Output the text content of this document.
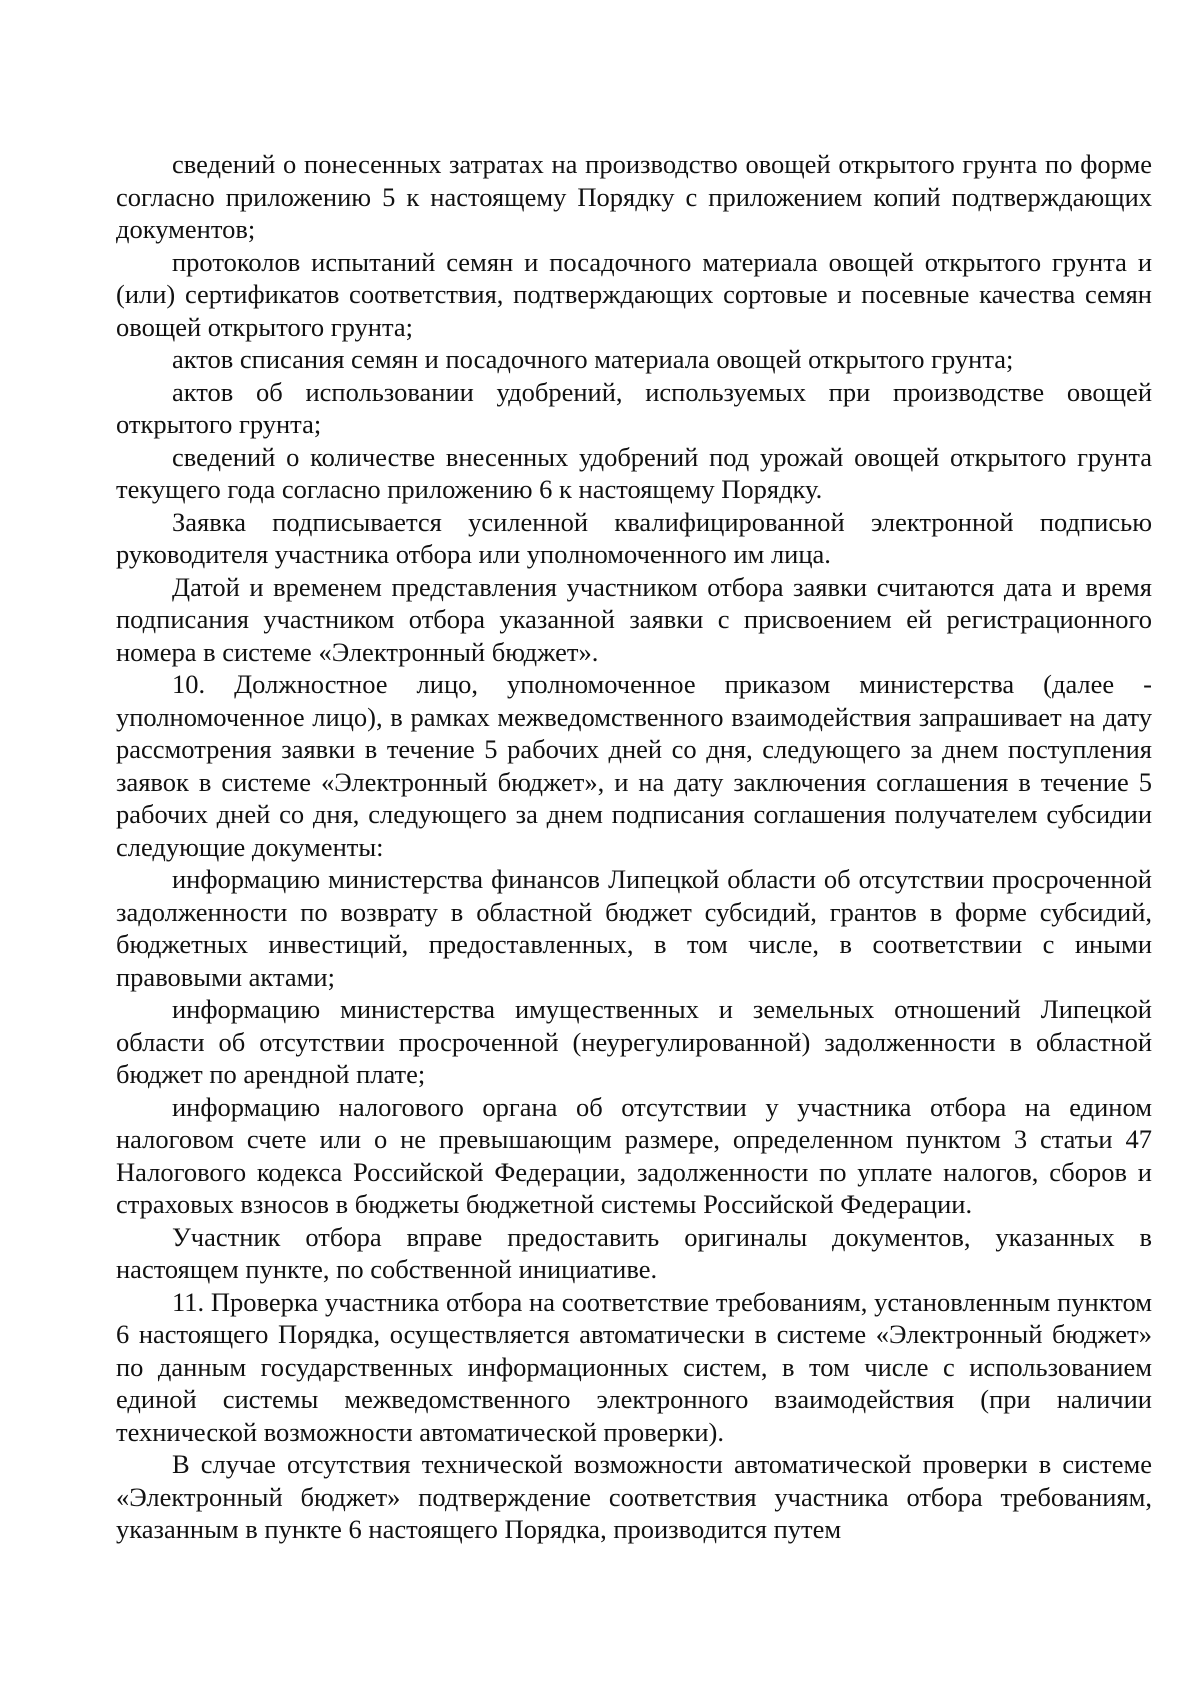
сведений о понесенных затратах на производство овощей открытого грунта по форме согласно приложению 5 к настоящему Порядку с приложением копий подтверждающих документов;

протоколов испытаний семян и посадочного материала овощей открытого грунта и (или) сертификатов соответствия, подтверждающих сортовые и посевные качества семян овощей открытого грунта;

актов списания семян и посадочного материала овощей открытого грунта;

актов об использовании удобрений, используемых при производстве овощей открытого грунта;

сведений о количестве внесенных удобрений под урожай овощей открытого грунта текущего года согласно приложению 6 к настоящему Порядку.

Заявка подписывается усиленной квалифицированной электронной подписью руководителя участника отбора или уполномоченного им лица.

Датой и временем представления участником отбора заявки считаются дата и время подписания участником отбора указанной заявки с присвоением ей регистрационного номера в системе «Электронный бюджет».

10. Должностное лицо, уполномоченное приказом министерства (далее - уполномоченное лицо), в рамках межведомственного взаимодействия запрашивает на дату рассмотрения заявки в течение 5 рабочих дней со дня, следующего за днем поступления заявок в системе «Электронный бюджет», и на дату заключения соглашения в течение 5 рабочих дней со дня, следующего за днем подписания соглашения получателем субсидии следующие документы:

информацию министерства финансов Липецкой области об отсутствии просроченной задолженности по возврату в областной бюджет субсидий, грантов в форме субсидий, бюджетных инвестиций, предоставленных, в том числе, в соответствии с иными правовыми актами;

информацию министерства имущественных и земельных отношений Липецкой области об отсутствии просроченной (неурегулированной) задолженности в областной бюджет по арендной плате;

информацию налогового органа об отсутствии у участника отбора на едином налоговом счете или о не превышающим размере, определенном пунктом 3 статьи 47 Налогового кодекса Российской Федерации, задолженности по уплате налогов, сборов и страховых взносов в бюджеты бюджетной системы Российской Федерации.

Участник отбора вправе предоставить оригиналы документов, указанных в настоящем пункте, по собственной инициативе.

11. Проверка участника отбора на соответствие требованиям, установленным пунктом 6 настоящего Порядка, осуществляется автоматически в системе «Электронный бюджет» по данным государственных информационных систем, в том числе с использованием единой системы межведомственного электронного взаимодействия (при наличии технической возможности автоматической проверки).

В случае отсутствия технической возможности автоматической проверки в системе «Электронный бюджет» подтверждение соответствия участника отбора требованиям, указанным в пункте 6 настоящего Порядка, производится путем
